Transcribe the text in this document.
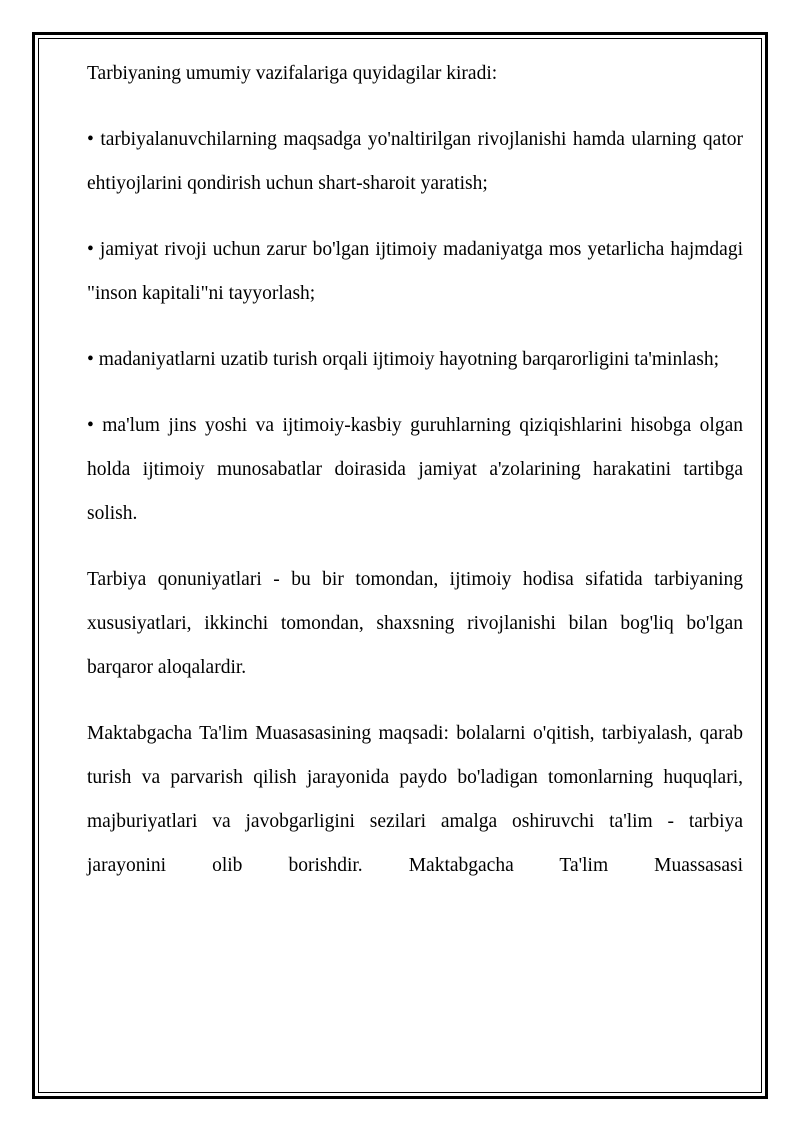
Tarbiyaning umumiy vazifalariga quyidagilar kiradi:

• tarbiyalanuvchilarning maqsadga yo'naltirilgan rivojlanishi hamda ularning qator ehtiyojlarini qondirish uchun shart-sharoit yaratish;

• jamiyat rivoji uchun zarur bo'lgan ijtimoiy madaniyatga mos yetarlicha hajmdagi "inson kapitali"ni tayyorlash;

• madaniyatlarni uzatib turish orqali ijtimoiy hayotning barqarorligini ta'minlash;

• ma'lum jins yoshi va ijtimoiy-kasbiy guruhlarning qiziqishlarini hisobga olgan holda ijtimoiy munosabatlar doirasida jamiyat a'zolarining harakatini tartibga solish.

Tarbiya qonuniyatlari - bu bir tomondan, ijtimoiy hodisa sifatida tarbiyaning xususiyatlari, ikkinchi tomondan, shaxsning rivojlanishi bilan bog'liq bo'lgan barqaror aloqalardir.

Maktabgacha Ta'lim Muasasasining maqsadi: bolalarni o'qitish, tarbiyalash, qarab turish va parvarish qilish jarayonida paydo bo'ladigan tomonlarning huquqlari, majburiyatlari va javobgarligini sezilari amalga oshiruvchi ta'lim - tarbiya jarayonini olib borishdir. Maktabgacha Ta'lim Muassasasi
